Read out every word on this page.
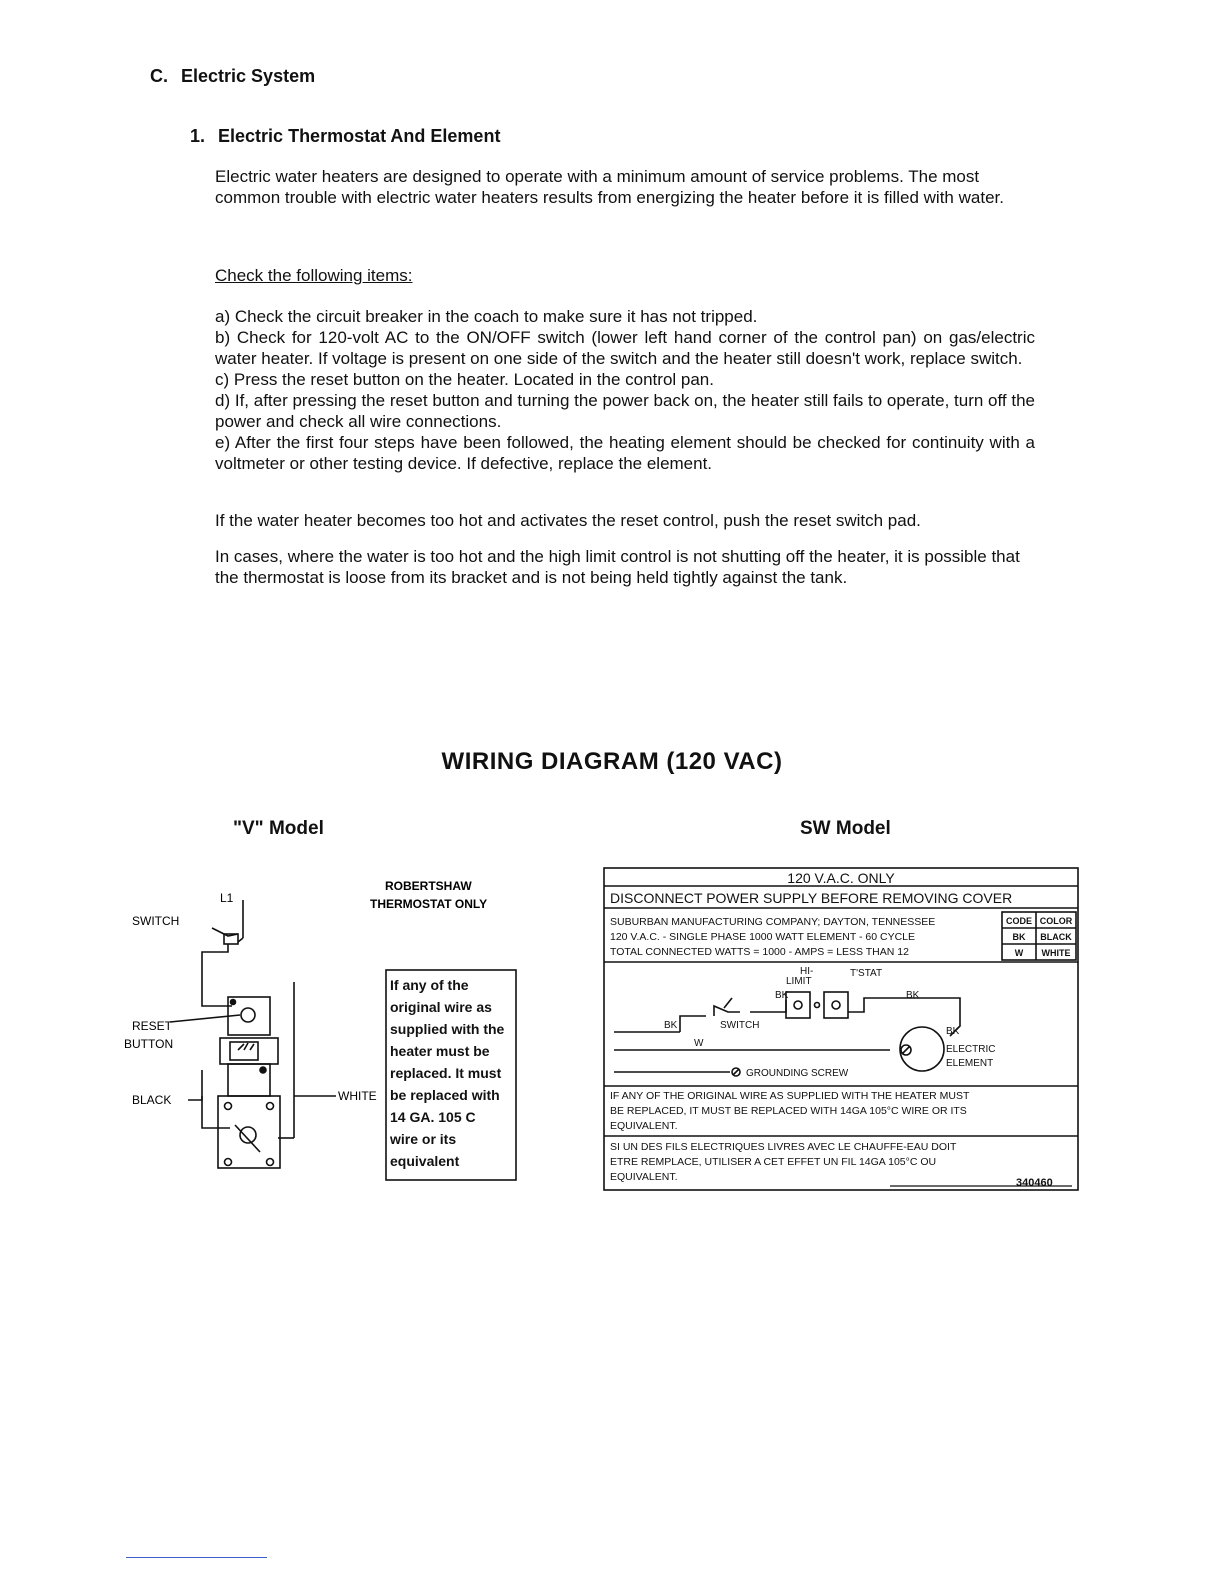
C. Electric System
1. Electric Thermostat And Element
Electric water heaters are designed to operate with a minimum amount of service problems. The most common trouble with electric water heaters results from energizing the heater before it is filled with water.
Check the following items:
a) Check the circuit breaker in the coach to make sure it has not tripped.
b) Check for 120-volt AC to the ON/OFF switch (lower left hand corner of the control pan) on gas/electric water heater. If voltage is present on one side of the switch and the heater still doesn't work, replace switch.
c) Press the reset button on the heater. Located in the control pan.
d) If, after pressing the reset button and turning the power back on, the heater still fails to operate, turn off the power and check all wire connections.
e) After the first four steps have been followed, the heating element should be checked for continuity with a voltmeter or other testing device. If defective, replace the element.
If the water heater becomes too hot and activates the reset control, push the reset switch pad.
In cases, where the water is too hot and the high limit control is not shutting off the heater, it is possible that the thermostat is loose from its bracket and is not being held tightly against the tank.
WIRING DIAGRAM (120 VAC)
"V" Model	SW Model
L1
SWITCH
RESET
BUTTON
BLACK	WHITE
ROBERTSHAW
THERMOSTAT ONLY
If any of the
original wire as
supplied with the
heater must be
replaced. It must
be replaced with
14 GA. 105 C
wire or its
equivalent
120 V.A.C. ONLY
DISCONNECT POWER SUPPLY BEFORE REMOVING COVER
SUBURBAN MANUFACTURING COMPANY; DAYTON, TENNESSEE
120 V.A.C. - SINGLE PHASE 1000 WATT ELEMENT - 60 CYCLE
TOTAL CONNECTED WATTS = 1000 - AMPS = LESS THAN 12
CODE COLOR
BK BLACK
W WHITE
HI-
LIMIT
T'STAT
BK	BK
BK
BK
W
SWITCH
GROUNDING SCREW
ELECTRIC
ELEMENT
IF ANY OF THE ORIGINAL WIRE AS SUPPLIED WITH THE HEATER MUST
BE REPLACED, IT MUST BE REPLACED WITH 14GA 105°C WIRE OR ITS
EQUIVALENT.
SI UN DES FILS ELECTRIQUES LIVRES AVEC LE CHAUFFE-EAU DOIT
ETRE REMPLACE, UTILISER A CET EFFET UN FIL 14GA 105°C OU
EQUIVALENT.	340460
